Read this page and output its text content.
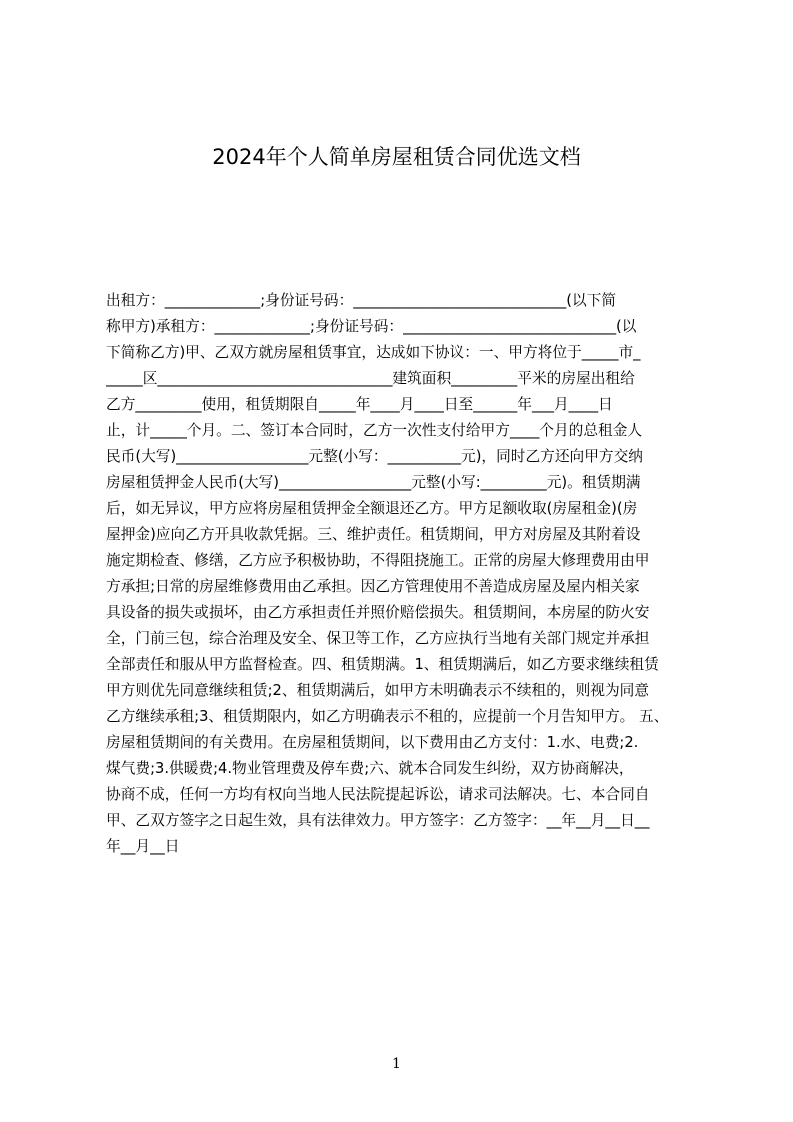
2024年个人简单房屋租赁合同优选文档
出租方：_____________;身份证号码：_____________________________(以下简
称甲方)承租方：_____________;身份证号码：_____________________________(以
下简称乙方)甲、乙双方就房屋租赁事宜，达成如下协议：一、甲方将位于_____市_
_____区________________________________建筑面积_________平米的房屋出租给
乙方_________使用，租赁期限自_____年____月____日至______年___月____日
止，计_____个月。二、签订本合同时，乙方一次性支付给甲方____个月的总租金人
民币(大写)__________________元整(小写：__________元)，同时乙方还向甲方交纳
房屋租赁押金人民币(大写)__________________元整(小写:_________元)。租赁期满
后，如无异议，甲方应将房屋租赁押金全额退还乙方。甲方足额收取(房屋租金)(房
屋押金)应向乙方开具收款凭据。三、维护责任。租赁期间，甲方对房屋及其附着设
施定期检查、修缮，乙方应予积极协助，不得阻挠施工。正常的房屋大修理费用由甲
方承担;日常的房屋维修费用由乙承担。因乙方管理使用不善造成房屋及屋内相关家
具设备的损失或损坏，由乙方承担责任并照价赔偿损失。租赁期间，本房屋的防火安
全，门前三包，综合治理及安全、保卫等工作，乙方应执行当地有关部门规定并承担
全部责任和服从甲方监督检查。四、租赁期满。1、租赁期满后，如乙方要求继续租赁
甲方则优先同意继续租赁;2、租赁期满后，如甲方未明确表示不续租的，则视为同意
乙方继续承租;3、租赁期限内，如乙方明确表示不租的，应提前一个月告知甲方。 五、
房屋租赁期间的有关费用。在房屋租赁期间，以下费用由乙方支付：1.水、电费;2.
煤气费;3.供暖费;4.物业管理费及停车费;六、就本合同发生纠纷，双方协商解决，
协商不成，任何一方均有权向当地人民法院提起诉讼，请求司法解决。七、本合同自
甲、乙双方签字之日起生效，具有法律效力。甲方签字：乙方签字：__年__月__日__
年__月__日
1
